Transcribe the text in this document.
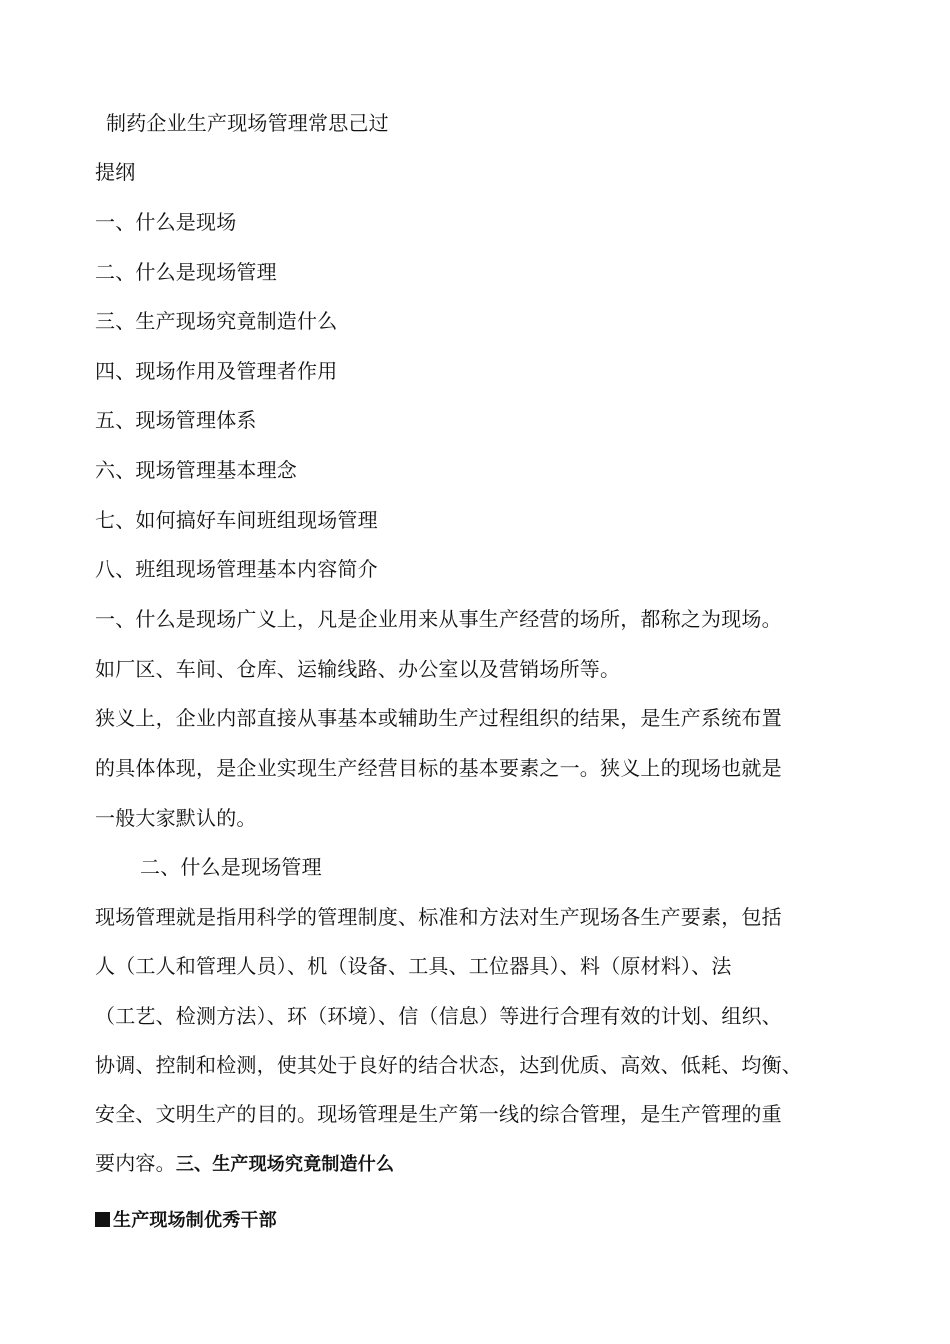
制药企业生产现场管理常思己过
提纲
一、什么是现场
二、什么是现场管理
三、生产现场究竟制造什么
四、现场作用及管理者作用
五、现场管理体系
六、现场管理基本理念
七、如何搞好车间班组现场管理
八、班组现场管理基本内容简介
一、什么是现场广义上，凡是企业用来从事生产经营的场所，都称之为现场。
如厂区、车间、仓库、运输线路、办公室以及营销场所等。
狭义上，企业内部直接从事基本或辅助生产过程组织的结果，是生产系统布置
的具体体现，是企业实现生产经营目标的基本要素之一。狭义上的现场也就是
一般大家默认的。
二、什么是现场管理
现场管理就是指用科学的管理制度、标准和方法对生产现场各生产要素，包括
人（工人和管理人员）、机（设备、工具、工位器具）、料（原材料）、法
（工艺、检测方法）、环（环境）、信（信息）等进行合理有效的计划、组织、
协调、控制和检测，使其处于良好的结合状态，达到优质、高效、低耗、均衡、
安全、文明生产的目的。现场管理是生产第一线的综合管理，是生产管理的重
要内容。三、生产现场究竟制造什么
生产现场制优秀干部
